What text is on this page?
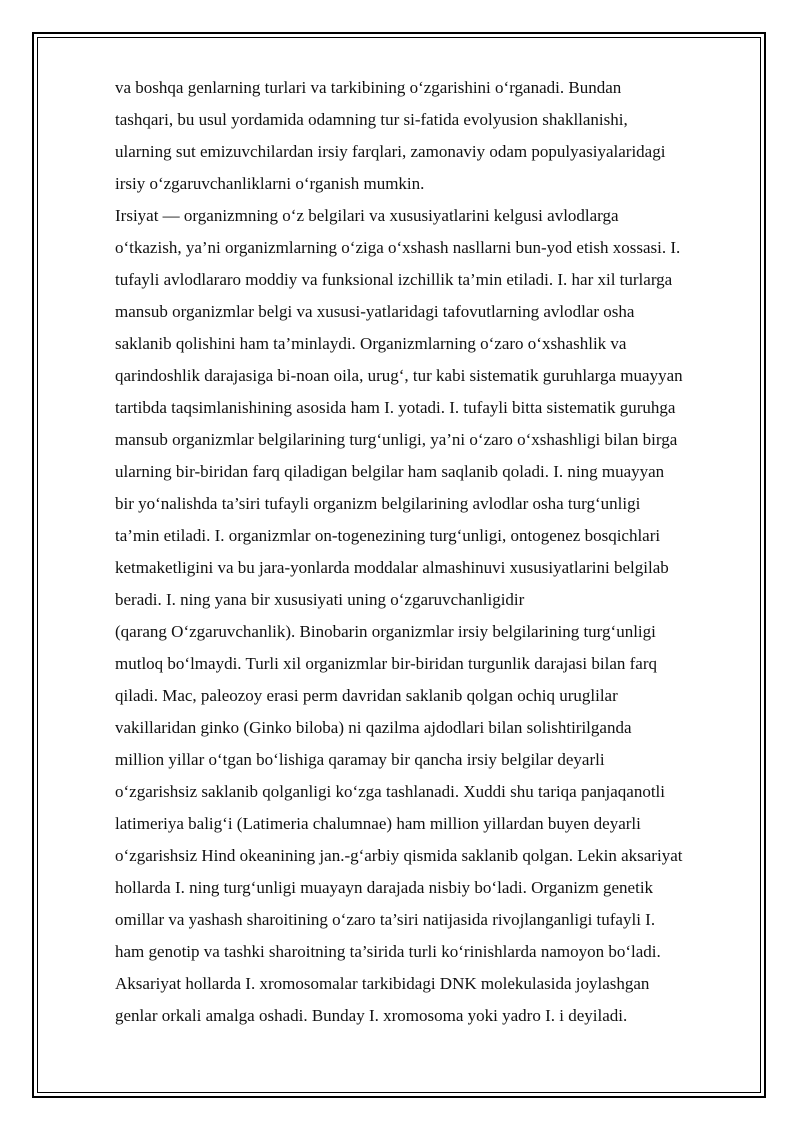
va boshqa genlarning turlari va tarkibining o‘zgarishini o‘rganadi. Bundan
tashqari, bu usul yordamida odamning tur si-fatida evolyusion shakllanishi,
ularning sut emizuvchilardan irsiy farqlari, zamonaviy odam populyasiyalaridagi
irsiy o‘zgaruvchanliklarni o‘rganish mumkin.
Irsiyat — organizmning o‘z belgilari va xususiyatlarini kelgusi avlodlarga
o‘tkazish, ya’ni organizmlarning o‘ziga o‘xshash nasllarni bun-yod etish xossasi. I.
tufayli avlodlararo moddiy va funksional izchillik ta’min etiladi. I. har xil turlarga
mansub organizmlar belgi va xususi-yatlaridagi tafovutlarning avlodlar osha
saklanib qolishini ham ta’minlaydi. Organizmlarning o‘zaro o‘xshashlik va
qarindoshlik darajasiga bi-noan oila, urug‘, tur kabi sistematik guruhlarga muayyan
tartibda taqsimlanishining asosida ham I. yotadi. I. tufayli bitta sistematik guruhga
mansub organizmlar belgilarining turg‘unligi, ya’ni o‘zaro o‘xshashligi bilan birga
ularning bir-biridan farq qiladigan belgilar ham saqlanib qoladi. I. ning muayyan
bir yo‘nalishda ta’siri tufayli organizm belgilarining avlodlar osha turg‘unligi
ta’min etiladi. I. organizmlar on-togenezining turg‘unligi, ontogenez bosqichlari
ketmaketligini va bu jara-yonlarda moddalar almashinuvi xususiyatlarini belgilab
beradi. I. ning yana bir xususiyati uning o‘zgaruvchanligidir
(qarang O‘zgaruvchanlik). Binobarin organizmlar irsiy belgilarining turg‘unligi
mutloq bo‘lmaydi. Turli xil organizmlar bir-biridan turgunlik darajasi bilan farq
qiladi. Mac, paleozoy erasi perm davridan saklanib qolgan ochiq uruglilar
vakillaridan ginko (Ginko biloba) ni qazilma ajdodlari bilan solishtirilganda
million yillar o‘tgan bo‘lishiga qaramay bir qancha irsiy belgilar deyarli
o‘zgarishsiz saklanib qolganligi ko‘zga tashlanadi. Xuddi shu tariqa panjaqanotli
latimeriya balig‘i (Latimeria chalumnae) ham million yillardan buyen deyarli
o‘zgarishsiz Hind okeanining jan.-g‘arbiy qismida saklanib qolgan. Lekin aksariyat
hollarda I. ning turg‘unligi muayayn darajada nisbiy bo‘ladi. Organizm genetik
omillar va yashash sharoitining o‘zaro ta’siri natijasida rivojlanganligi tufayli I.
ham genotip va tashki sharoitning ta’sirida turli ko‘rinishlarda namoyon bo‘ladi.
Aksariyat hollarda I. xromosomalar tarkibidagi DNK molekulasida joylashgan
genlar orkali amalga oshadi. Bunday I. xromosoma yoki yadro I. i deyiladi.
